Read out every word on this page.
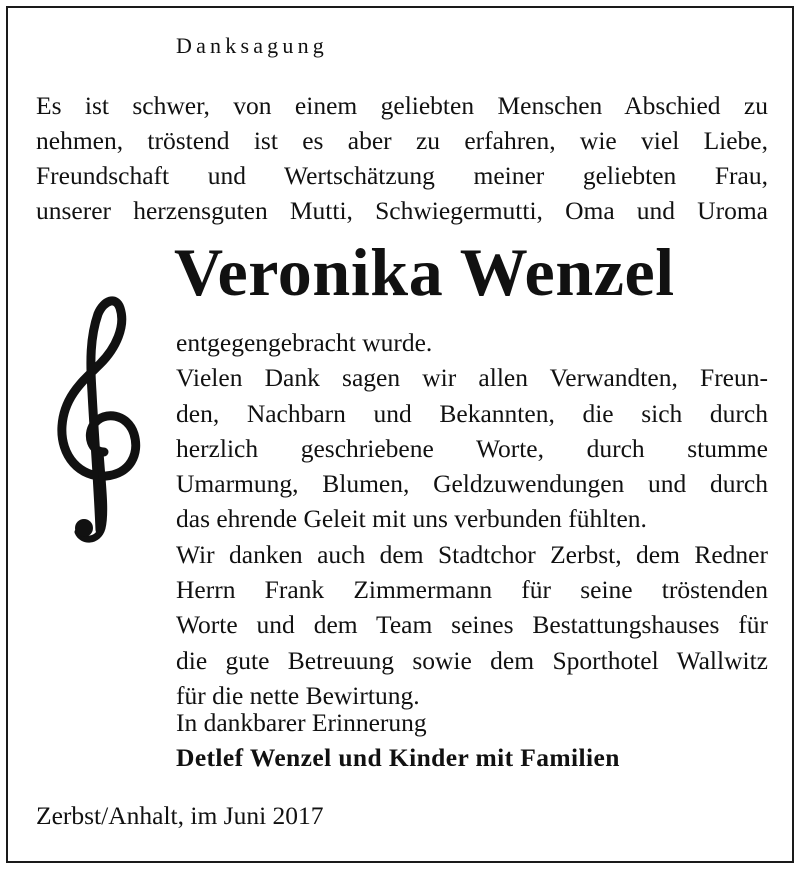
Danksagung
Es ist schwer, von einem geliebten Menschen Abschied zu
nehmen, tröstend ist es aber zu erfahren, wie viel Liebe,
Freundschaft und Wertschätzung meiner geliebten Frau,
unserer herzensguten Mutti, Schwiegermutti, Oma und Uroma
Veronika Wenzel
entgegengebracht wurde.
Vielen Dank sagen wir allen Verwandten, Freun-
den, Nachbarn und Bekannten, die sich durch
herzlich geschriebene Worte, durch stumme
Umarmung, Blumen, Geldzuwendungen und durch
das ehrende Geleit mit uns verbunden fühlten.
Wir danken auch dem Stadtchor Zerbst, dem Redner
Herrn Frank Zimmermann für seine tröstenden
Worte und dem Team seines Bestattungshauses für
die gute Betreuung sowie dem Sporthotel Wallwitz
für die nette Bewirtung.
In dankbarer Erinnerung
Detlef Wenzel und Kinder mit Familien
Zerbst/Anhalt, im Juni 2017
